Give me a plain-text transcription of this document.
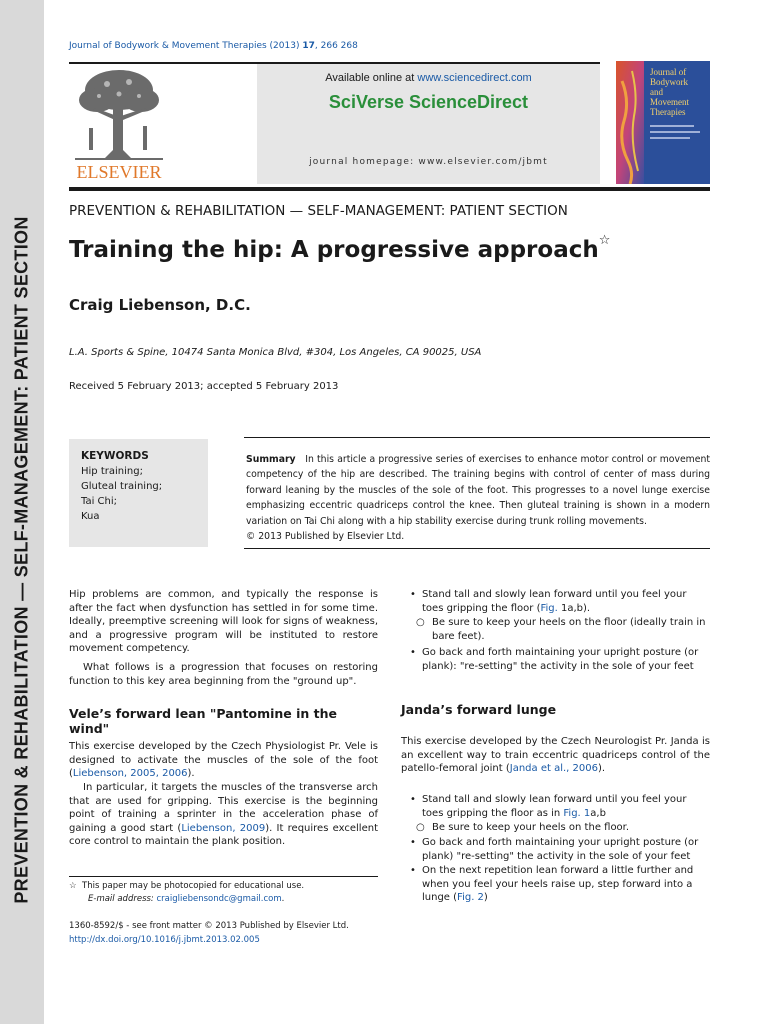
PREVENTION & REHABILITATION — SELF-MANAGEMENT: PATIENT SECTION
Journal of Bodywork & Movement Therapies (2013) 17, 266 268
ELSEVIER
Available online at www.sciencedirect.com
SciVerse ScienceDirect
journal homepage: www.elsevier.com/jbmt
Journal of
Bodywork
and
Movement
Therapies
PREVENTION & REHABILITATION — SELF-MANAGEMENT: PATIENT SECTION
Training the hip: A progressive approach☆
Craig Liebenson, D.C.
L.A. Sports & Spine, 10474 Santa Monica Blvd, #304, Los Angeles, CA 90025, USA
Received 5 February 2013; accepted 5 February 2013
KEYWORDS
Hip training;
Gluteal training;
Tai Chi;
Kua
Summary In this article a progressive series of exercises to enhance motor control or movement competency of the hip are described. The training begins with control of center of mass during forward leaning by the muscles of the sole of the foot. This progresses to a novel lunge exercise emphasizing eccentric quadriceps control the knee. Then gluteal training is shown in a modern variation on Tai Chi along with a hip stability exercise during trunk rolling movements.
© 2013 Published by Elsevier Ltd.
Hip problems are common, and typically the response is after the fact when dysfunction has settled in for some time. Ideally, preemptive screening will look for signs of weakness, and a progressive program will be instituted to restore movement competency.
What follows is a progression that focuses on restoring function to this key area beginning from the "ground up".
Vele’s forward lean "Pantomine in the wind"
This exercise developed by the Czech Physiologist Pr. Vele is designed to activate the muscles of the sole of the foot (Liebenson, 2005, 2006).
In particular, it targets the muscles of the transverse arch that are used for gripping. This exercise is the beginning point of training a sprinter in the acceleration phase of gaining a good start (Liebenson, 2009). It requires excellent core control to maintain the plank position.
☆ This paper may be photocopied for educational use.
E-mail address: craigliebensondc@gmail.com.
1360-8592/$ - see front matter © 2013 Published by Elsevier Ltd.
http://dx.doi.org/10.1016/j.jbmt.2013.02.005
• Stand tall and slowly lean forward until you feel your toes gripping the floor (Fig. 1a,b).
○ Be sure to keep your heels on the floor (ideally train in bare feet).
• Go back and forth maintaining your upright posture (or plank): "re-setting" the activity in the sole of your feet
Janda’s forward lunge
This exercise developed by the Czech Neurologist Pr. Janda is an excellent way to train eccentric quadriceps control of the patello-femoral joint (Janda et al., 2006).
• Stand tall and slowly lean forward until you feel your toes gripping the floor as in Fig. 1a,b
○ Be sure to keep your heels on the floor.
• Go back and forth maintaining your upright posture (or plank) "re-setting" the activity in the sole of your feet
• On the next repetition lean forward a little further and when you feel your heels raise up, step forward into a lunge (Fig. 2)
